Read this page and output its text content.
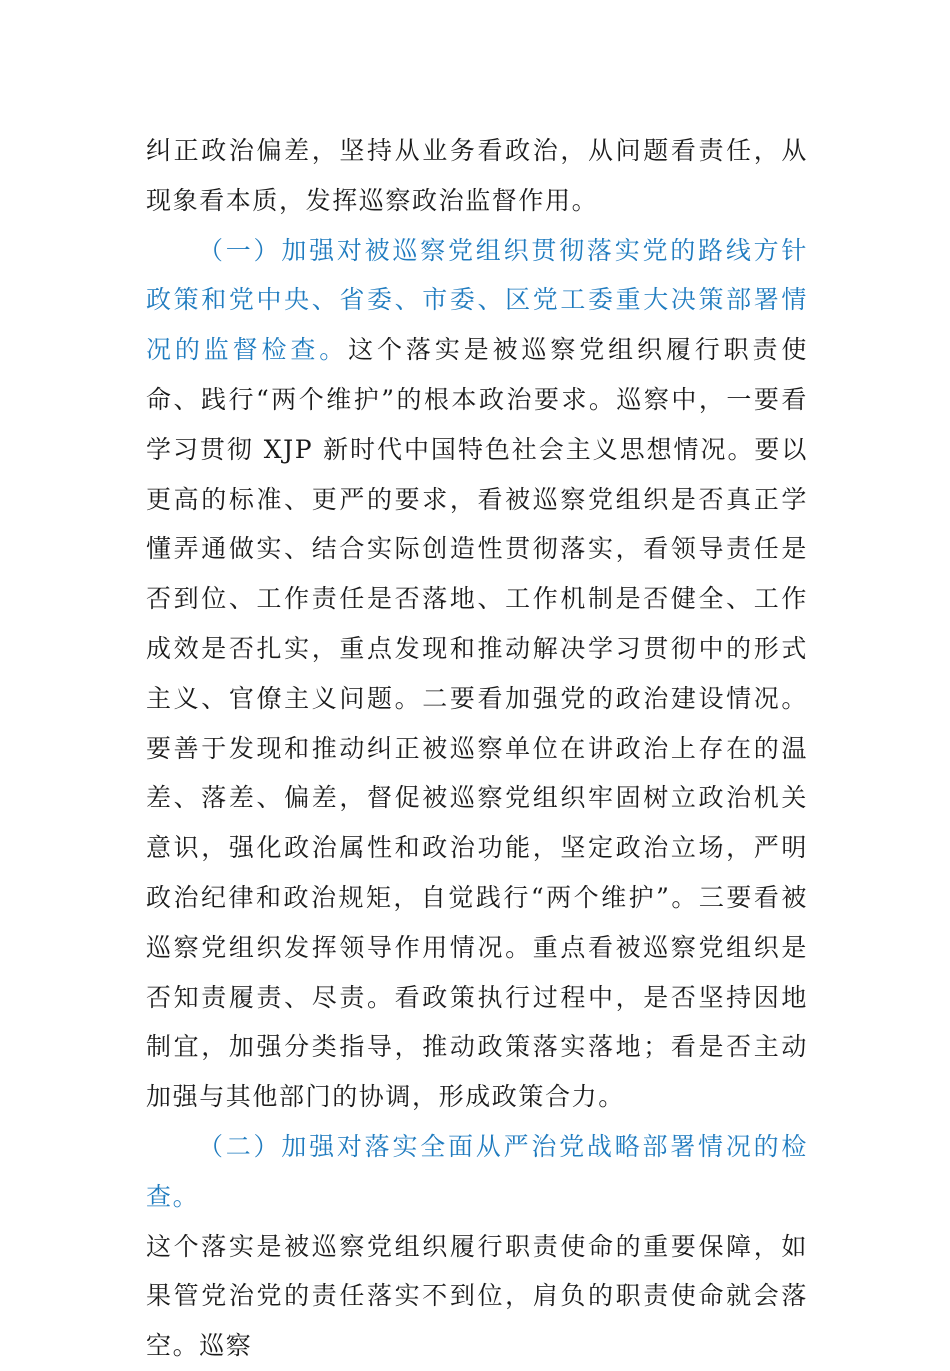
纠正政治偏差，坚持从业务看政治，从问题看责任，从现象看本质，发挥巡察政治监督作用。

（一）加强对被巡察党组织贯彻落实党的路线方针政策和党中央、省委、市委、区党工委重大决策部署情况的监督检查。这个落实是被巡察党组织履行职责使命、践行“两个维护”的根本政治要求。巡察中，一要看学习贯彻 XJP 新时代中国特色社会主义思想情况。要以更高的标准、更严的要求，看被巡察党组织是否真正学懂弄通做实、结合实际创造性贯彻落实，看领导责任是否到位、工作责任是否落地、工作机制是否健全、工作成效是否扎实，重点发现和推动解决学习贯彻中的形式主义、官僚主义问题。二要看加强党的政治建设情况。要善于发现和推动纠正被巡察单位在讲政治上存在的温差、落差、偏差，督促被巡察党组织牢固树立政治机关意识，强化政治属性和政治功能，坚定政治立场，严明政治纪律和政治规矩，自觉践行“两个维护”。三要看被巡察党组织发挥领导作用情况。重点看被巡察党组织是否知责履责、尽责。看政策执行过程中，是否坚持因地制宜，加强分类指导，推动政策落实落地；看是否主动加强与其他部门的协调，形成政策合力。

（二）加强对落实全面从严治党战略部署情况的检查。

这个落实是被巡察党组织履行职责使命的重要保障，如果管党治党的责任落实不到位，肩负的职责使命就会落空。巡察
